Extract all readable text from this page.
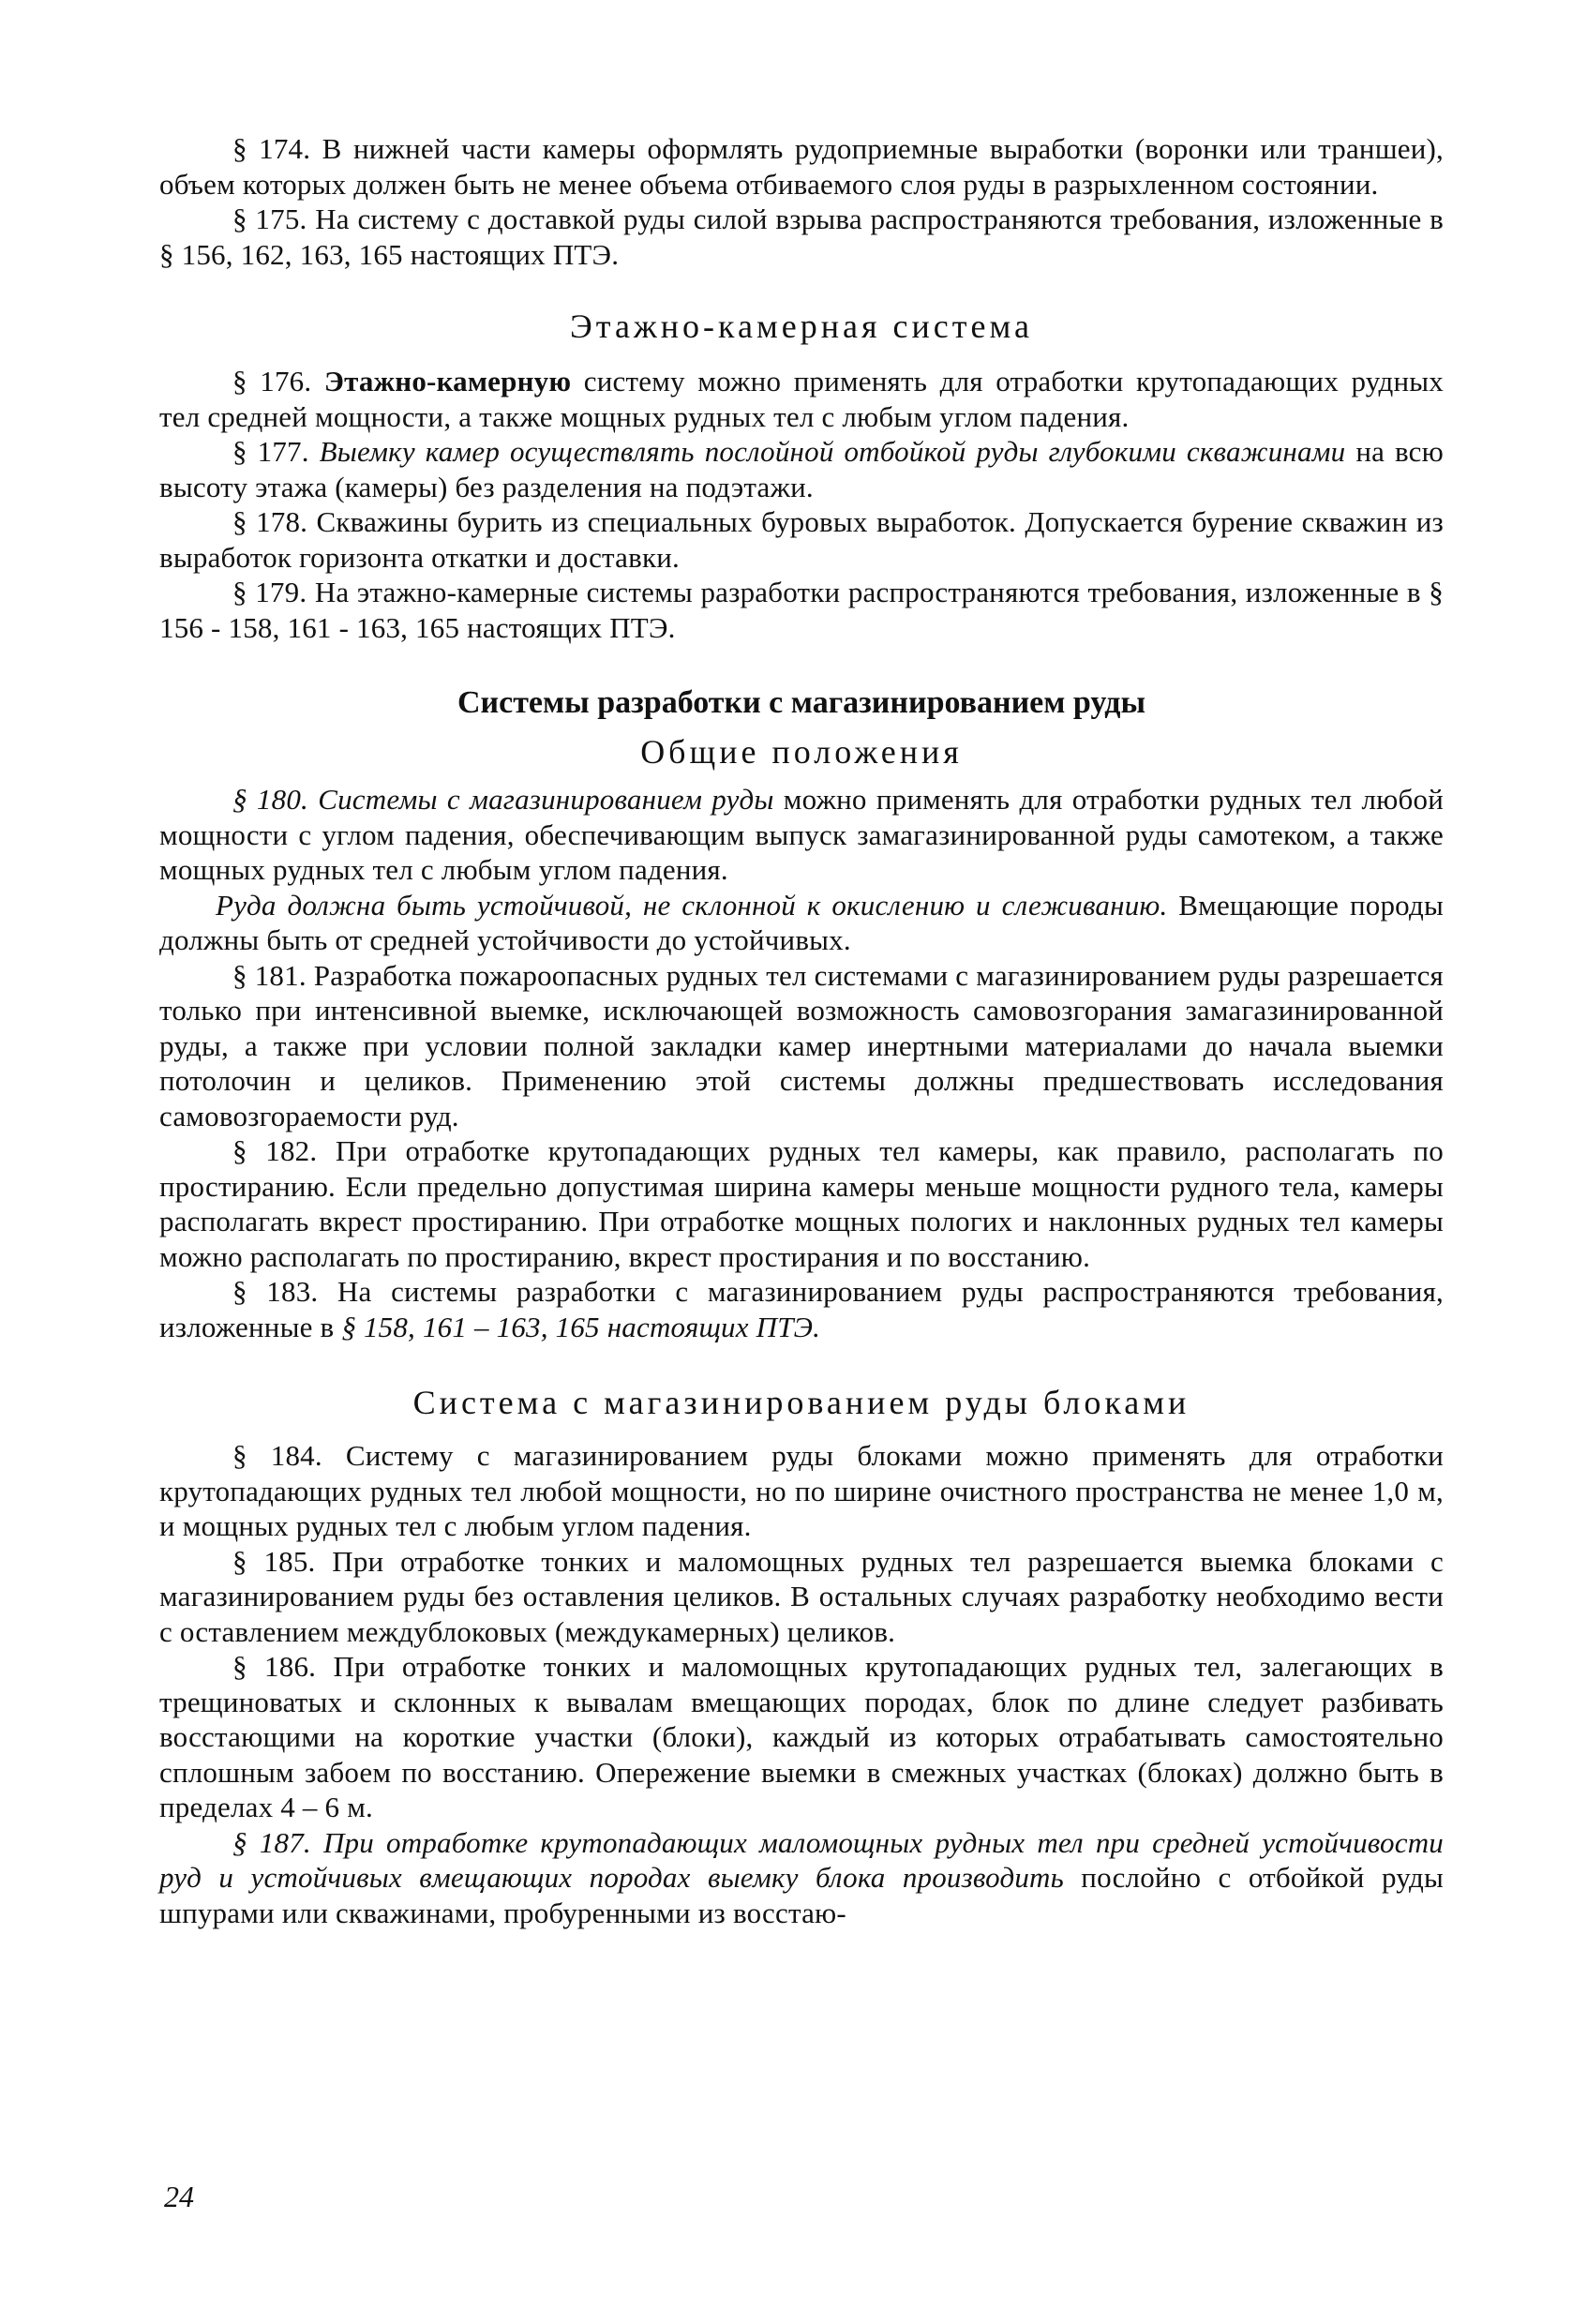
§ 174. В нижней части камеры оформлять рудоприемные выработки (воронки или траншеи), объем которых должен быть не менее объема отбиваемого слоя руды в разрыхленном состоянии.

§ 175. На систему с доставкой руды силой взрыва распространяются требования, изложенные в § 156, 162, 163, 165 настоящих ПТЭ.

Этажно-камерная система

§ 176. Этажно-камерную систему можно применять для отработки крутопадающих рудных тел средней мощности, а также мощных рудных тел с любым углом падения.

§ 177. Выемку камер осуществлять послойной отбойкой руды глубокими скважинами на всю высоту этажа (камеры) без разделения на подэтажи.

§ 178. Скважины бурить из специальных буровых выработок. Допускается бурение скважин из выработок горизонта откатки и доставки.

§ 179. На этажно-камерные системы разработки распространяются требования, изложенные в § 156 - 158, 161 - 163, 165 настоящих ПТЭ.

Системы разработки с магазинированием руды
Общие положения

§ 180. Системы с магазинированием руды можно применять для отработки рудных тел любой мощности с углом падения, обеспечивающим выпуск замагазинированной руды самотеком, а также мощных рудных тел с любым углом падения.

Руда должна быть устойчивой, не склонной к окислению и слеживанию. Вмещающие породы должны быть от средней устойчивости до устойчивых.

§ 181. Разработка пожароопасных рудных тел системами с магазинированием руды разрешается только при интенсивной выемке, исключающей возможность самовозгорания замагазинированной руды, а также при условии полной закладки камер инертными материалами до начала выемки потолочин и целиков. Применению этой системы должны предшествовать исследования самовозгораемости руд.

§ 182. При отработке крутопадающих рудных тел камеры, как правило, располагать по простиранию. Если предельно допустимая ширина камеры меньше мощности рудного тела, камеры располагать вкрест простиранию. При отработке мощных пологих и наклонных рудных тел камеры можно располагать по простиранию, вкрест простирания и по восстанию.

§ 183. На системы разработки с магазинированием руды распространяются требования, изложенные в § 158, 161 – 163, 165 настоящих ПТЭ.

Система с магазинированием руды блоками

§ 184. Систему с магазинированием руды блоками можно применять для отработки крутопадающих рудных тел любой мощности, но по ширине очистного пространства не менее 1,0 м, и мощных рудных тел с любым углом падения.

§ 185. При отработке тонких и маломощных рудных тел разрешается выемка блоками с магазинированием руды без оставления целиков. В остальных случаях разработку необходимо вести с оставлением междублоковых (междукамерных) целиков.

§ 186. При отработке тонких и маломощных крутопадающих рудных тел, залегающих в трещиноватых и склонных к вывалам вмещающих породах, блок по длине следует разбивать восстающими на короткие участки (блоки), каждый из которых отрабатывать самостоятельно сплошным забоем по восстанию. Опережение выемки в смежных участках (блоках) должно быть в пределах 4 – 6 м.

§ 187. При отработке крутопадающих маломощных рудных тел при средней устойчивости руд и устойчивых вмещающих породах выемку блока производить послойно с отбойкой руды шпурами или скважинами, пробуренными из восстаю-

24
